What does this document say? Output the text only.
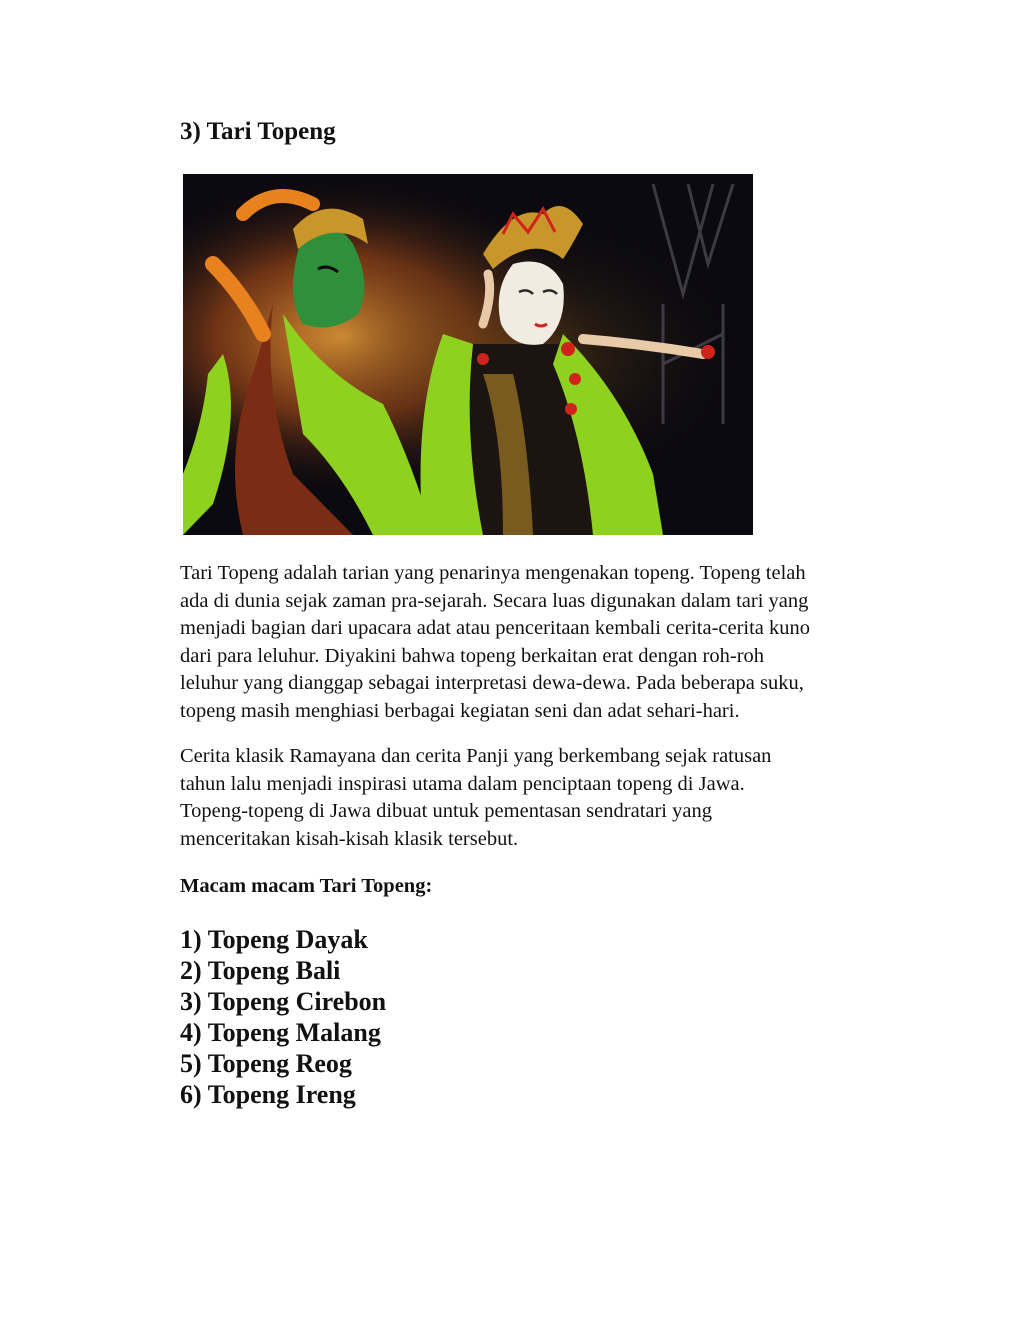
3) Tari Topeng

Tari Topeng adalah tarian yang penarinya mengenakan topeng. Topeng telah
ada di dunia sejak zaman pra-sejarah. Secara luas digunakan dalam tari yang
menjadi bagian dari upacara adat atau penceritaan kembali cerita-cerita kuno
dari para leluhur. Diyakini bahwa topeng berkaitan erat dengan roh-roh
leluhur yang dianggap sebagai interpretasi dewa-dewa. Pada beberapa suku,
topeng masih menghiasi berbagai kegiatan seni dan adat sehari-hari.

Cerita klasik Ramayana dan cerita Panji yang berkembang sejak ratusan
tahun lalu menjadi inspirasi utama dalam penciptaan topeng di Jawa.
Topeng-topeng di Jawa dibuat untuk pementasan sendratari yang
menceritakan kisah-kisah klasik tersebut.

Macam macam Tari Topeng:
1) Topeng Dayak
2) Topeng Bali
3) Topeng Cirebon
4) Topeng Malang
5) Topeng Reog
6) Topeng Ireng
